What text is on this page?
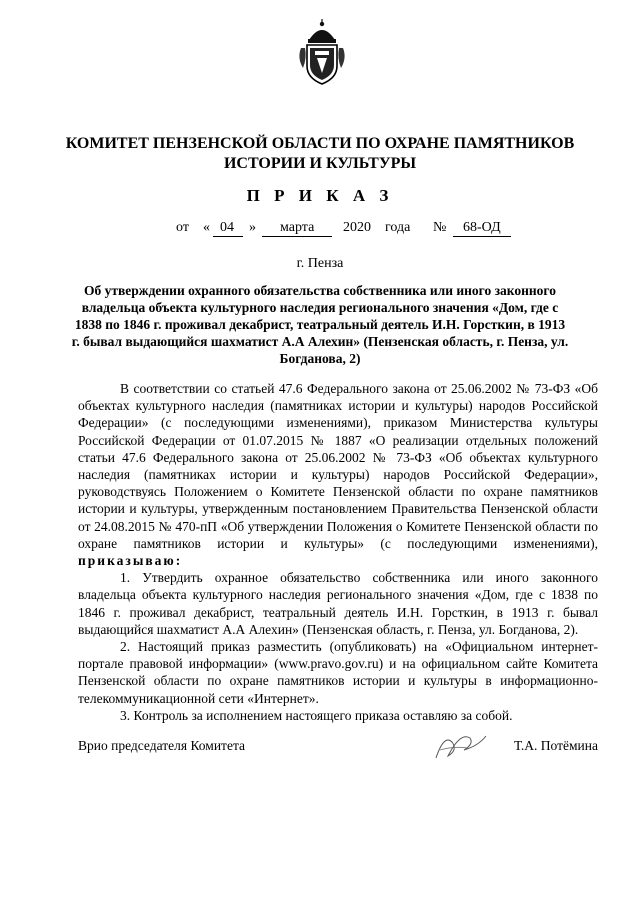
КОМИТЕТ ПЕНЗЕНСКОЙ ОБЛАСТИ ПО ОХРАНЕ ПАМЯТНИКОВ ИСТОРИИ И КУЛЬТУРЫ
П Р И К А З
от « 04 » марта 2020 года № 68-ОД
г. Пенза
Об утверждении охранного обязательства собственника или иного законного владельца объекта культурного наследия регионального значения «Дом, где с 1838 по 1846 г. проживал декабрист, театральный деятель И.Н. Горсткин, в 1913 г. бывал выдающийся шахматист А.А Алехин» (Пензенская область, г. Пенза, ул. Богданова, 2)

В соответствии со статьей 47.6 Федерального закона от 25.06.2002 № 73-ФЗ «Об объектах культурного наследия (памятниках истории и культуры) народов Российской Федерации» (с последующими изменениями), приказом Министерства культуры Российской Федерации от 01.07.2015 № 1887 «О реализации отдельных положений статьи 47.6 Федерального закона от 25.06.2002 № 73-ФЗ «Об объектах культурного наследия (памятниках истории и культуры) народов Российской Федерации», руководствуясь Положением о Комитете Пензенской области по охране памятников истории и культуры, утвержденным постановлением Правительства Пензенской области от 24.08.2015 № 470-пП «Об утверждении Положения о Комитете Пензенской области по охране памятников истории и культуры» (с последующими изменениями), приказываю:

1. Утвердить охранное обязательство собственника или иного законного владельца объекта культурного наследия регионального значения «Дом, где с 1838 по 1846 г. проживал декабрист, театральный деятель И.Н. Горсткин, в 1913 г. бывал выдающийся шахматист А.А Алехин» (Пензенская область, г. Пенза, ул. Богданова, 2).

2. Настоящий приказ разместить (опубликовать) на «Официальном интернет-портале правовой информации» (www.pravo.gov.ru) и на официальном сайте Комитета Пензенской области по охране памятников истории и культуры в информационно-телекоммуникационной сети «Интернет».

3. Контроль за исполнением настоящего приказа оставляю за собой.

Врио председателя Комитета	Т.А. Потёмина
